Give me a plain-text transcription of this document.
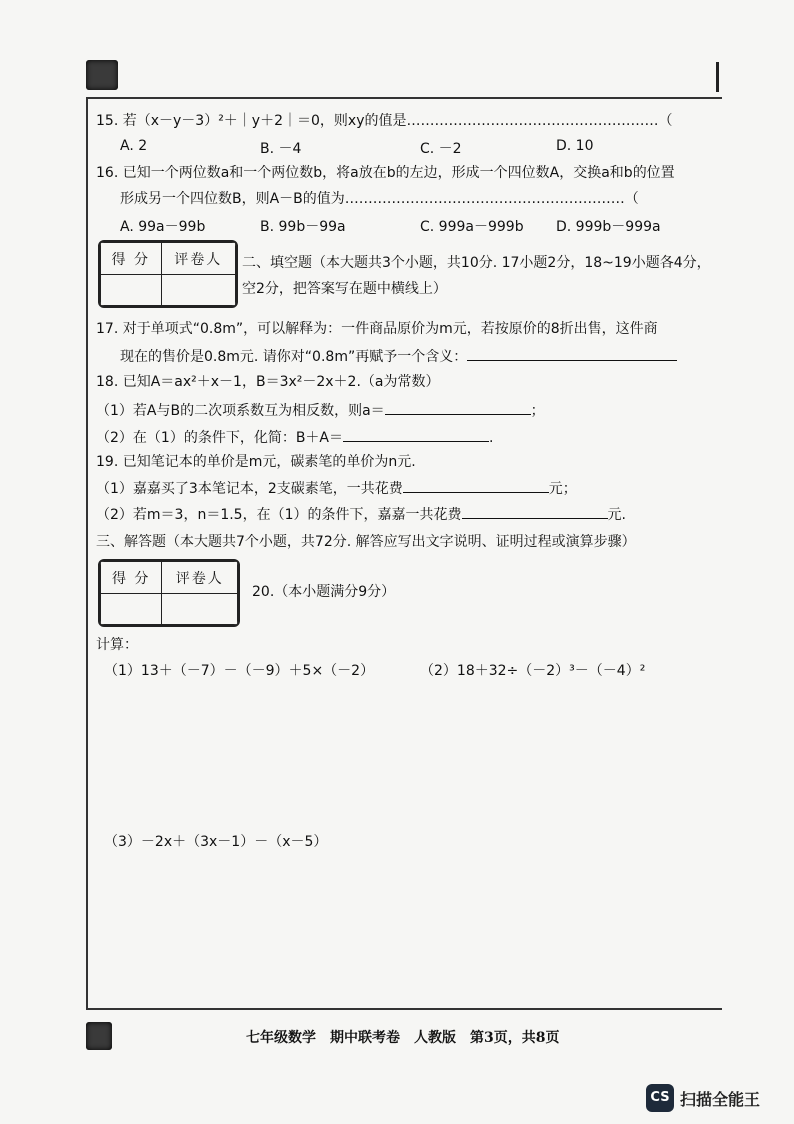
15. 若（x－y－3）²＋｜y＋2｜＝0，则xy的值是………………………………………………（
A. 2	B. －4	C. －2	D. 10
16. 已知一个两位数a和一个两位数b，将a放在b的左边，形成一个四位数A，交换a和b的位置
形成另一个四位数B，则A－B的值为……………………………………………………（
A. 99a－99b	B. 99b－99a	C. 999a－999b D. 999b－999a
得 分	评卷人
	二、填空题（本大题共3个小题，共10分. 17小题2分，18~19小题各4分，
空2分，把答案写在题中横线上）
17. 对于单项式“0.8m”，可以解释为：一件商品原价为m元，若按原价的8折出售，这件商
现在的售价是0.8m元. 请你对“0.8m”再赋予一个含义：
18. 已知A＝ax²＋x－1，B＝3x²－2x＋2.（a为常数）
（1）若A与B的二次项系数互为相反数，则a＝	；
（2）在（1）的条件下，化简：B＋A＝	.
19. 已知笔记本的单价是m元，碳素笔的单价为n元.
（1）嘉嘉买了3本笔记本，2支碳素笔，一共花费	元；
（2）若m＝3，n＝1.5，在（1）的条件下，嘉嘉一共花费	元.
三、解答题（本大题共7个小题，共72分. 解答应写出文字说明、证明过程或演算步骤）
得 分	评卷人

20.（本小题满分9分）
计算：
（1）13＋（－7）－（－9）＋5×（－2）	（2）18＋32÷（－2）³－（－4）²
（3）－2x＋（3x－1）－（x－5）
七年级数学　期中联考卷　人教版　第3页，共8页
CS 扫描全能王
